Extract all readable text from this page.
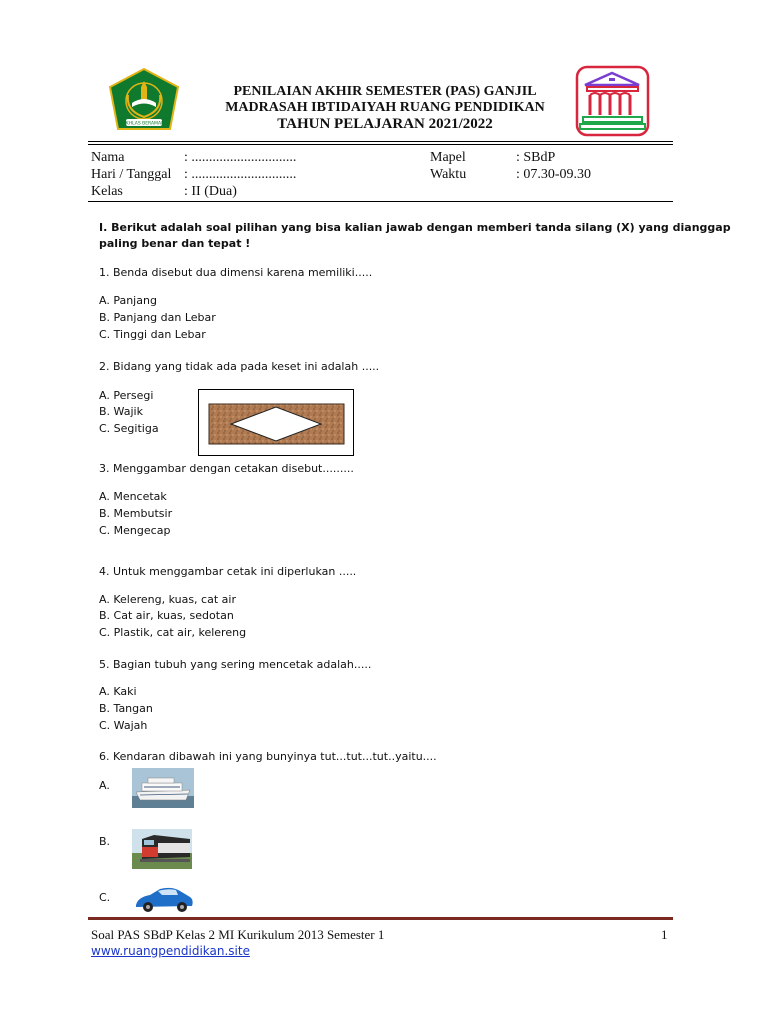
IKHLAS BERAMAL
PENILAIAN AKHIR SEMESTER (PAS) GANJIL
MADRASAH IBTIDAIYAH RUANG PENDIDIKAN
TAHUN PELAJARAN 2021/2022
Nama	: ..............................
Hari / Tanggal : ..............................
Kelas	: II (Dua)
Mapel	: SBdP
Waktu	: 07.30-09.30
I. Berikut adalah soal pilihan yang bisa kalian jawab dengan memberi tanda silang (X) yang dianggap
paling benar dan tepat !
1. Benda disebut dua dimensi karena memiliki.....
A. Panjang
B. Panjang dan Lebar
C. Tinggi dan Lebar
2. Bidang yang tidak ada pada keset ini adalah .....
A. Persegi
B. Wajik
C. Segitiga
3. Menggambar dengan cetakan disebut.........
A. Mencetak
B. Membutsir
C. Mengecap
4. Untuk menggambar cetak ini diperlukan .....
A. Kelereng, kuas, cat air
B. Cat air, kuas, sedotan
C. Plastik, cat air, kelereng
5. Bagian tubuh yang sering mencetak adalah.....
A. Kaki
B. Tangan
C. Wajah
6. Kendaran dibawah ini yang bunyinya tut...tut...tut..yaitu....
A.
B.
C.
Soal PAS SBdP Kelas 2 MI Kurikulum 2013 Semester 1	1
www.ruangpendidikan.site
